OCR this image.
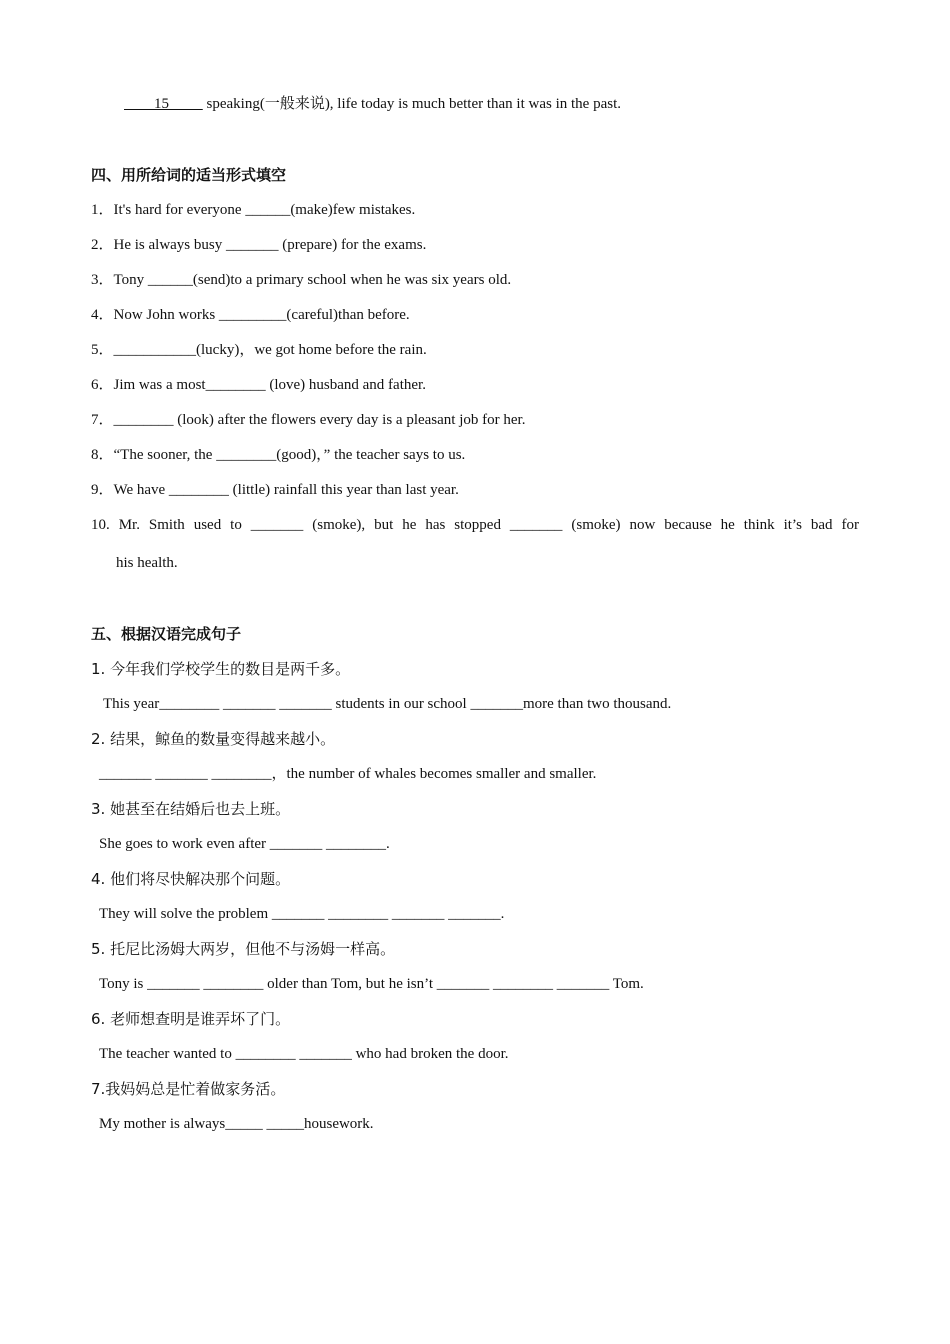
15	speaking(一般来说), life today is much better than it was in the past.
四、用所给词的适当形式填空
1．It's hard for everyone ______(make)few mistakes.
2．He is always busy _______ (prepare) for the exams.
3．Tony ______(send)to a primary school when he was six years old.
4．Now John works _________(careful)than before.
5．___________(lucky)，we got home before the rain.
6．Jim was a most________ (love) husband and father.
7．________ (look) after the flowers every day is a pleasant job for her.
8．“The sooner, the ________(good)，” the teacher says to us.
9．We have ________ (little) rainfall this year than last year.
10. Mr. Smith used to _______ (smoke), but he has stopped _______ (smoke) now because he think it’s bad for
his health.
五、根据汉语完成句子
1. 今年我们学校学生的数目是两千多。
This year________ _______ _______ students in our school _______more than two thousand.
2. 结果，鲸鱼的数量变得越来越小。
_______ _______ ________，the number of whales becomes smaller and smaller.
3. 她甚至在结婚后也去上班。
She goes to work even after _______ ________.
4. 他们将尽快解决那个问题。
They will solve the problem _______ ________ _______ _______.
5. 托尼比汤姆大两岁，但他不与汤姆一样高。
Tony is _______ ________ older than Tom, but he isn’t _______ ________ _______ Tom.
6. 老师想查明是谁弄坏了门。
The teacher wanted to ________ _______ who had broken the door.
7.我妈妈总是忙着做家务活。
My mother is always_____ _____housework.
